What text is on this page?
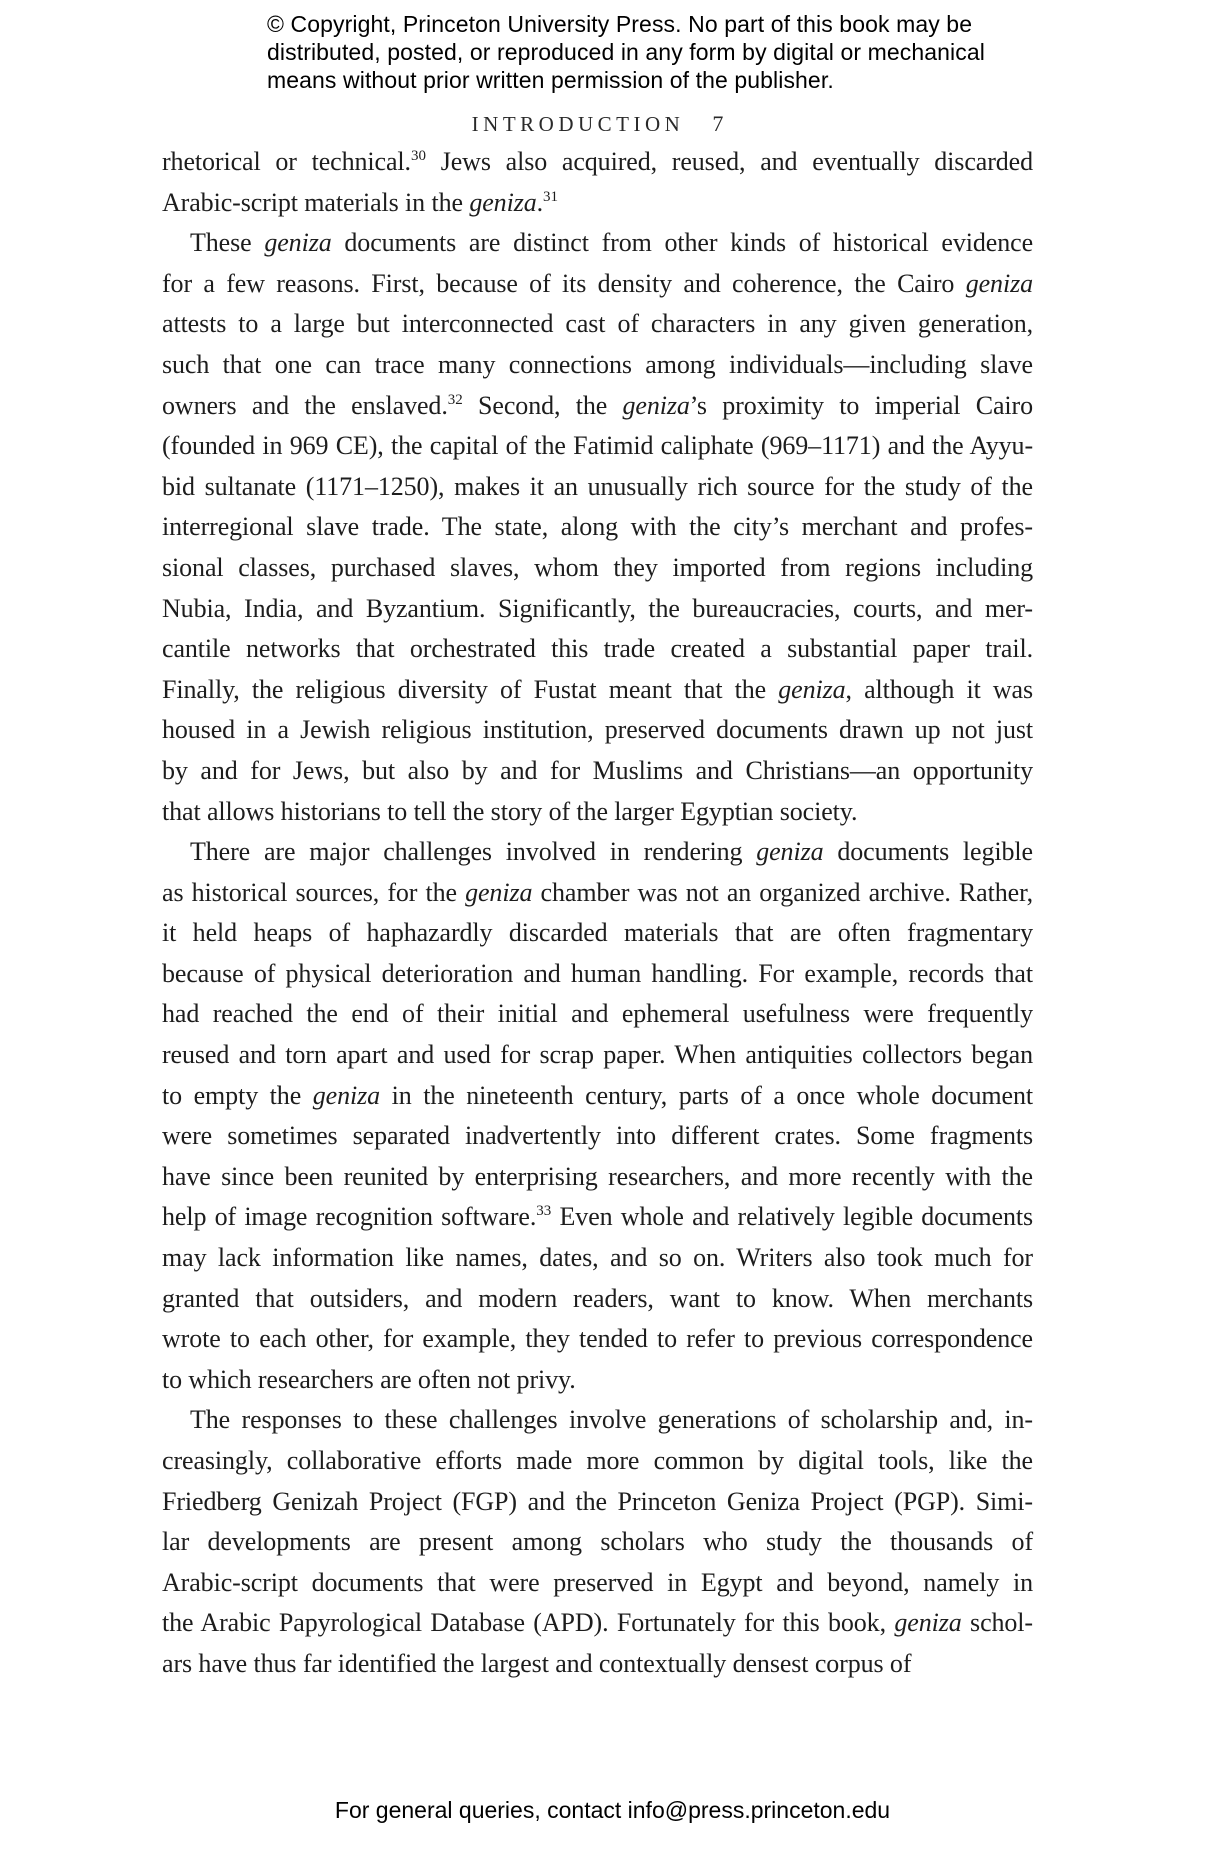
© Copyright, Princeton University Press. No part of this book may be
distributed, posted, or reproduced in any form by digital or mechanical
means without prior written permission of the publisher.
INTRODUCTION 7
rhetorical or technical.$^{30}$ Jews also acquired, reused, and eventually discarded
Arabic-script materials in the geniza.$^{31}$
These geniza documents are distinct from other kinds of historical evidence
for a few reasons. First, because of its density and coherence, the Cairo geniza
attests to a large but interconnected cast of characters in any given generation,
such that one can trace many connections among individuals—including slave
owners and the enslaved.$^{32}$ Second, the geniza’s proximity to imperial Cairo
(founded in 969 CE), the capital of the Fatimid caliphate (969–1171) and the Ayyu-
bid sultanate (1171–1250), makes it an unusually rich source for the study of the
interregional slave trade. The state, along with the city’s merchant and profes-
sional classes, purchased slaves, whom they imported from regions including
Nubia, India, and Byzantium. Significantly, the bureaucracies, courts, and mer-
cantile networks that orchestrated this trade created a substantial paper trail.
Finally, the religious diversity of Fustat meant that the geniza, although it was
housed in a Jewish religious institution, preserved documents drawn up not just
by and for Jews, but also by and for Muslims and Christians—an opportunity
that allows historians to tell the story of the larger Egyptian society.
There are major challenges involved in rendering geniza documents legible
as historical sources, for the geniza chamber was not an organized archive. Rather,
it held heaps of haphazardly discarded materials that are often fragmentary
because of physical deterioration and human handling. For example, records that
had reached the end of their initial and ephemeral usefulness were frequently
reused and torn apart and used for scrap paper. When antiquities collectors began
to empty the geniza in the nineteenth century, parts of a once whole document
were sometimes separated inadvertently into different crates. Some fragments
have since been reunited by enterprising researchers, and more recently with the
help of image recognition software.$^{33}$ Even whole and relatively legible documents
may lack information like names, dates, and so on. Writers also took much for
granted that outsiders, and modern readers, want to know. When merchants
wrote to each other, for example, they tended to refer to previous correspondence
to which researchers are often not privy.
The responses to these challenges involve generations of scholarship and, in-
creasingly, collaborative efforts made more common by digital tools, like the
Friedberg Genizah Project (FGP) and the Princeton Geniza Project (PGP). Simi-
lar developments are present among scholars who study the thousands of
Arabic-script documents that were preserved in Egypt and beyond, namely in
the Arabic Papyrological Database (APD). Fortunately for this book, geniza schol-
ars have thus far identified the largest and contextually densest corpus of
For general queries, contact info@press.princeton.edu
